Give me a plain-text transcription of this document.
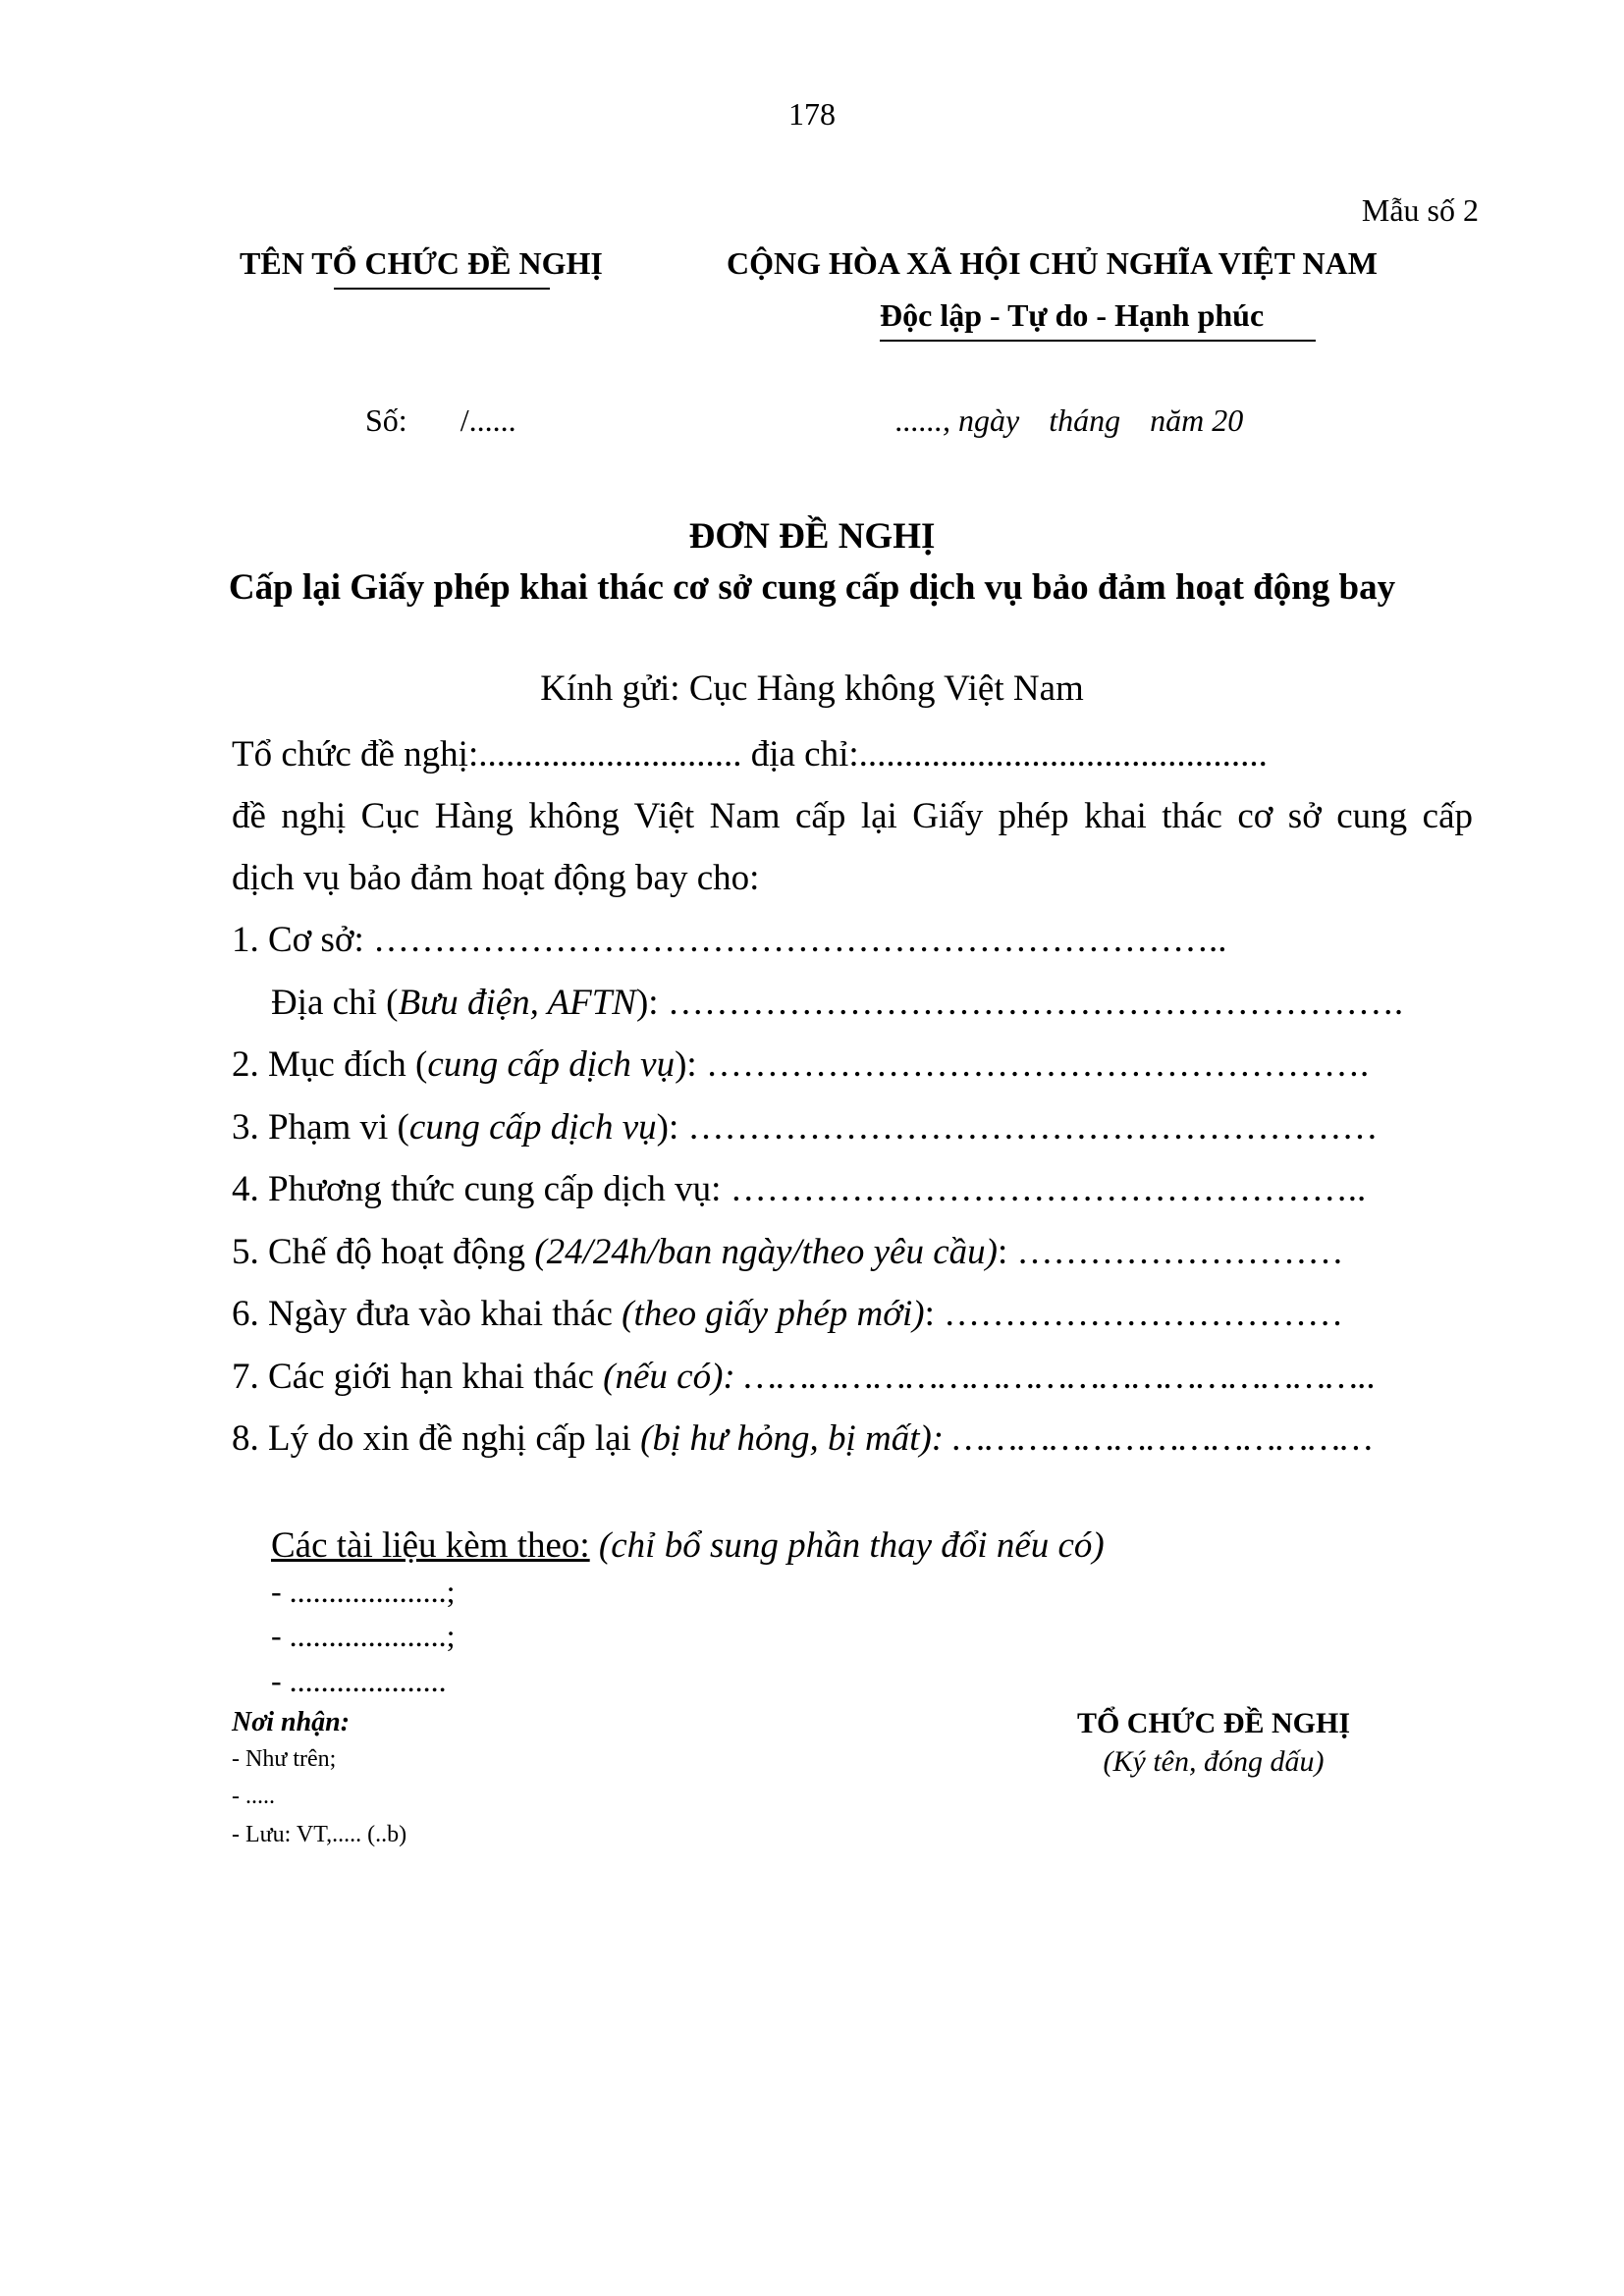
178
Mẫu số 2
TÊN TỔ CHỨC ĐỀ NGHỊ	CỘNG HÒA XÃ HỘI CHỦ NGHĨA VIỆT NAM
Độc lập - Tự do - Hạnh phúc
Số: /......	......, ngày tháng năm 20
ĐƠN ĐỀ NGHỊ
Cấp lại Giấy phép khai thác cơ sở cung cấp dịch vụ bảo đảm hoạt động bay
Kính gửi: Cục Hàng không Việt Nam
Tổ chức đề nghị:............................. địa chỉ:.............................................
đề nghị Cục Hàng không Việt Nam cấp lại Giấy phép khai thác cơ sở cung cấp
dịch vụ bảo đảm hoạt động bay cho:
1. Cơ sở: ……………………………………………………………..
Địa chỉ (Bưu điện, AFTN): …………………………………………………….
2. Mục đích (cung cấp dịch vụ): ……………………………………………….
3. Phạm vi (cung cấp dịch vụ): …………………………………………………
4. Phương thức cung cấp dịch vụ: ……………………………………………..
5. Chế độ hoạt động (24/24h/ban ngày/theo yêu cầu): ………………………
6. Ngày đưa vào khai thác (theo giấy phép mới): ……………………………
7. Các giới hạn khai thác (nếu có): …………………………………………………..
8. Lý do xin đề nghị cấp lại (bị hư hỏng, bị mất): …………………………………
Các tài liệu kèm theo: (chỉ bổ sung phần thay đổi nếu có)
- ....................;
- ....................;
- ....................
Nơi nhận:
- Như trên;
- .....
- Lưu: VT,..... (..b)
TỔ CHỨC ĐỀ NGHỊ
(Ký tên, đóng dấu)
